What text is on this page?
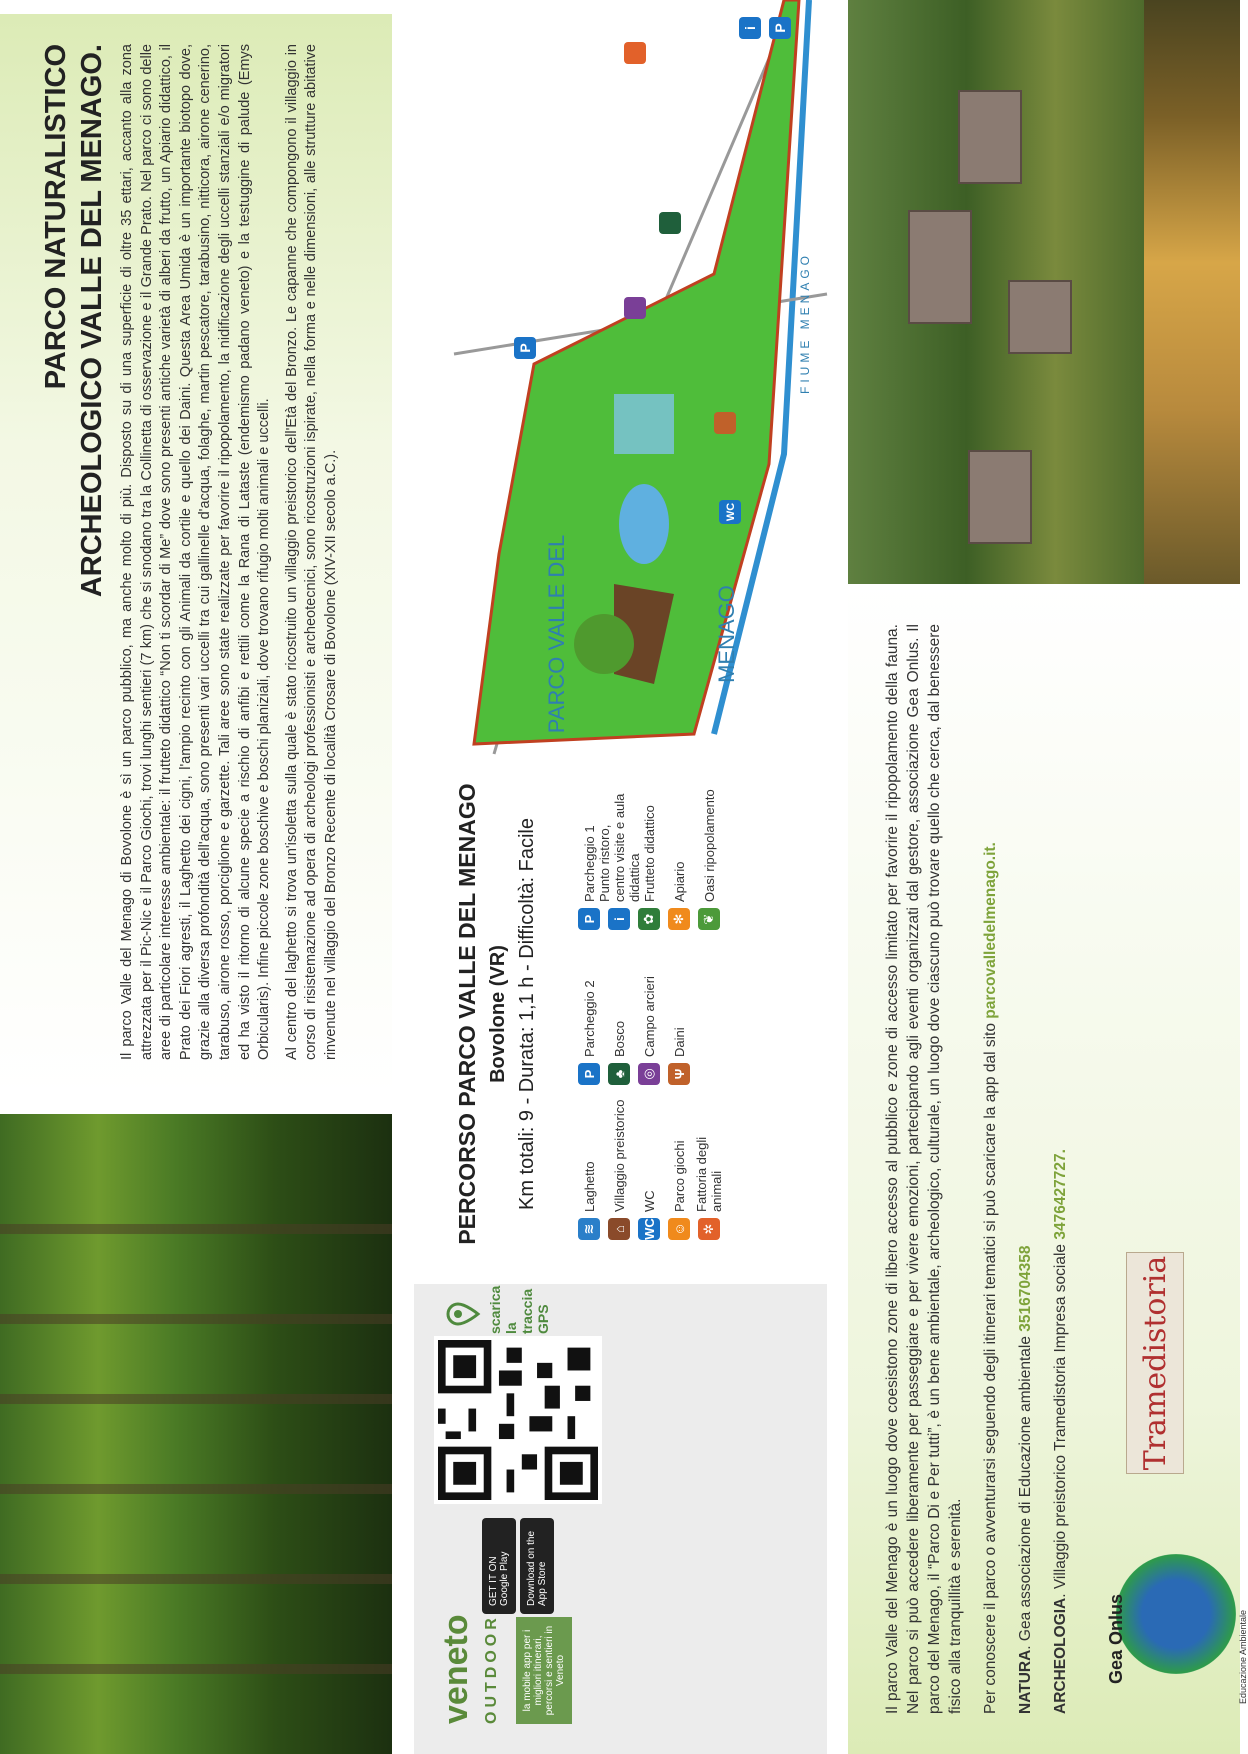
PARCO NATURALISTICO ARCHEOLOGICO VALLE DEL MENAGO. Il parco Valle del Menago di Bovolone è sì un parco pubblico, ma anche molto di più. Disposto su di una superficie di oltre 35 ettari, accanto alla zona attrezzata per il Pic-Nic e il Parco Giochi, trovi lunghi sentieri (7 km) che si snodano tra la Collinetta di osservazione e il Grande Prato. Nel parco ci sono delle aree di particolare interesse ambientale: il frutteto didattico “Non ti scordar di Me” dove sono presenti antiche varietà di alberi da frutto, un Apiario didattico, il Prato dei Fiori agresti, il Laghetto dei cigni, l'ampio recinto con gli Animali da cortile e quello dei Daini. Questa Area Umida è un importante biotopo dove, grazie alla diversa profondità dell'acqua, sono presenti vari uccelli tra cui gallinelle d'acqua, folaghe, martin pescatore, tarabusino, nitticora, airone cenerino, tarabuso, airone rosso, porciglione e garzette. Tali aree sono state realizzate per favorire il ripopolamento, la nidificazione degli uccelli stanziali e/o migratori ed ha visto il ritorno di alcune specie a rischio di anfibi e rettili come la Rana di Lataste (endemismo padano veneto) e la testuggine di palude (Emys Orbicularis). Infine piccole zone boschive e boschi planiziali, dove trovano rifugio molti animali e uccelli. Al centro del laghetto si trova un'isoletta sulla quale è stato ricostruito un villaggio preistorico dell'Età del Bronzo. Le capanne che compongono il villaggio in corso di risistemazione ad opera di archeologi professionisti e archeotecnici, sono ricostruzioni ispirate, nella forma e nelle dimensioni, alle strutture abitative rinvenute nel villaggio del Bronzo Recente di località Crosare di Bovolone (XIV-XII secolo a.C.).

veneto OUTDOOR	la mobile app per i migliori itinerari, percorsi e sentieri in Veneto
GET IT ON Google Play Download on the App Store
scarica la traccia GPS
PERCORSO PARCO VALLE DEL MENAGO Bovolone (VR) Km totali: 9 - Durata: 1,1 h - Difficoltà: Facile
≋
Laghetto
⌂
Villaggio preistorico
WC
WC
☺
Parco giochi
✲
Fattoria degli animali
P
Parcheggio 2
♣
Bosco
◎
Campo arcieri
Ψ
Daini
P
Parcheggio 1
i
Punto ristoro, centro visite e aula didattica
✿
Frutteto didattico
✻
Apiario
❦
Oasi ripopolamento
P
P
WC
i
PARCO VALLE DEL	MENAGO
FIUME MENAGO

Il parco Valle del Menago è un luogo dove coesistono zone di libero accesso al pubblico e zone di accesso limitato per favorire il ripopolamento della fauna. Nel parco si può accedere liberamente per passeggiare e per vivere emozioni, partecipando agli eventi organizzati dal gestore, associazione Gea Onlus. Il parco del Menago, il “Parco Di e Per tutti”, è un bene ambientale, archeologico, culturale, un luogo dove ciascuno può trovare quello che cerca, dal benessere fisico alla tranquillità e serenità. Per conoscere il parco o avventurarsi seguendo degli itinerari tematici si può scaricare la app dal sito parcovalledelmenago.it.

NATURA. Gea associazione di Educazione ambientale 3516704358

ARCHEOLOGIA. Villaggio preistorico Tramedistoria Impresa sociale 3476427727.

Gea Onlus	Educazione Ambientale
Tramedistoria
